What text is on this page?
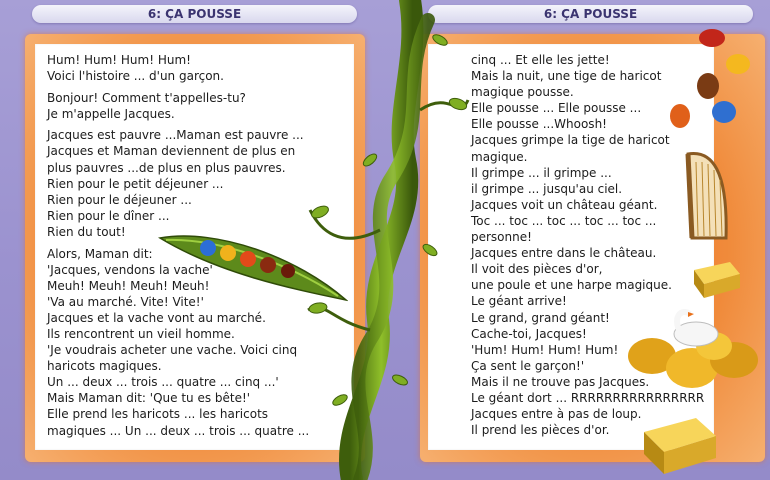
6: ÇA POUSSE	6: ÇA POUSSE
Hum! Hum! Hum! Hum!
Voici l'histoire ... d'un garçon.
Bonjour! Comment t'appelles-tu?
Je m'appelle Jacques.
Jacques est pauvre ...Maman est pauvre ...
Jacques et Maman deviennent de plus en
plus pauvres ...de plus en plus pauvres.
Rien pour le petit déjeuner ...
Rien pour le déjeuner ...
Rien pour le dîner ...
Rien du tout!
Alors, Maman dit:
'Jacques, vendons la vache'
Meuh! Meuh! Meuh! Meuh!
'Va au marché. Vite! Vite!'
Jacques et la vache vont au marché.
Ils rencontrent un vieil homme.
'Je voudrais acheter une vache. Voici cinq
haricots magiques.
Un ... deux ... trois ... quatre ... cinq ...'
Mais Maman dit: 'Que tu es bête!'
Elle prend les haricots ... les haricots
magiques ... Un ... deux ... trois ... quatre ...
cinq ... Et elle les jette!
Mais la nuit, une tige de haricot
magique pousse.
Elle pousse ... Elle pousse ...
Elle pousse ...Whoosh!
Jacques grimpe la tige de haricot
magique.
Il grimpe ... il grimpe ...
il grimpe ... jusqu'au ciel.
Jacques voit un château géant.
Toc ... toc ... toc ... toc ... toc ...
personne!
Jacques entre dans le château.
Il voit des pièces d'or,
une poule et une harpe magique.
Le géant arrive!
Le grand, grand géant!
Cache-toi, Jacques!
'Hum! Hum! Hum! Hum!
Ça sent le garçon!'
Mais il ne trouve pas Jacques.
Le géant dort ... RRRRRRRRRRRRRRRR
Jacques entre à pas de loup.
Il prend les pièces d'or.
